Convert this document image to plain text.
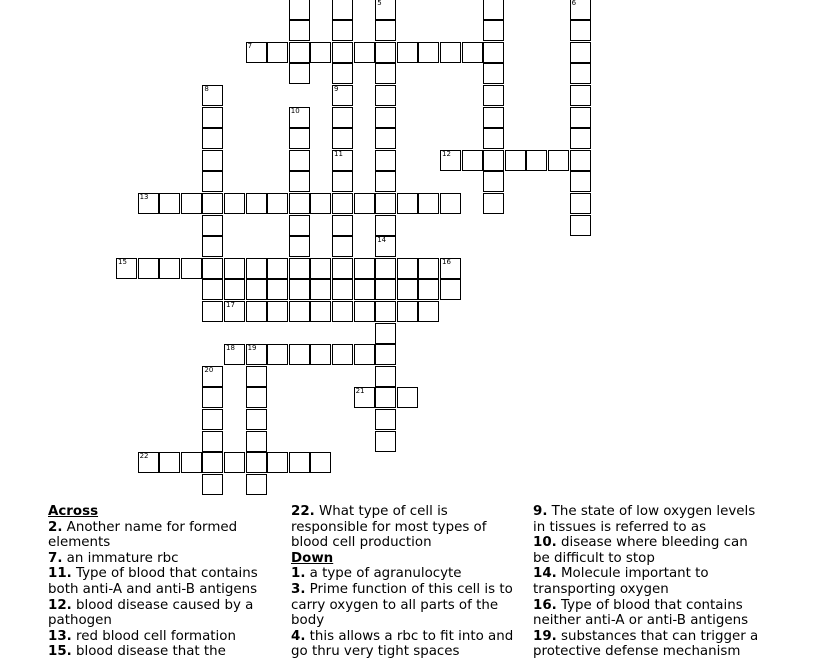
5
14
6
7
8	9
11
10
12
13
15	16
17
18 19
20
21
22
Across
2. Another name for formed elements
7. an immature rbc
11. Type of blood that contains both anti-A and anti-B antigens
12. blood disease caused by a pathogen
13. red blood cell formation
15. blood disease that the
22. What type of cell is responsible for most types of blood cell production
Down
1. a type of agranulocyte
3. Prime function of this cell is to carry oxygen to all parts of the body
4. this allows a rbc to fit into and go thru very tight spaces
9. The state of low oxygen levels in tissues is referred to as
10. disease where bleeding can be difficult to stop
14. Molecule important to transporting oxygen
16. Type of blood that contains neither anti-A or anti-B antigens
19. substances that can trigger a protective defense mechanism
